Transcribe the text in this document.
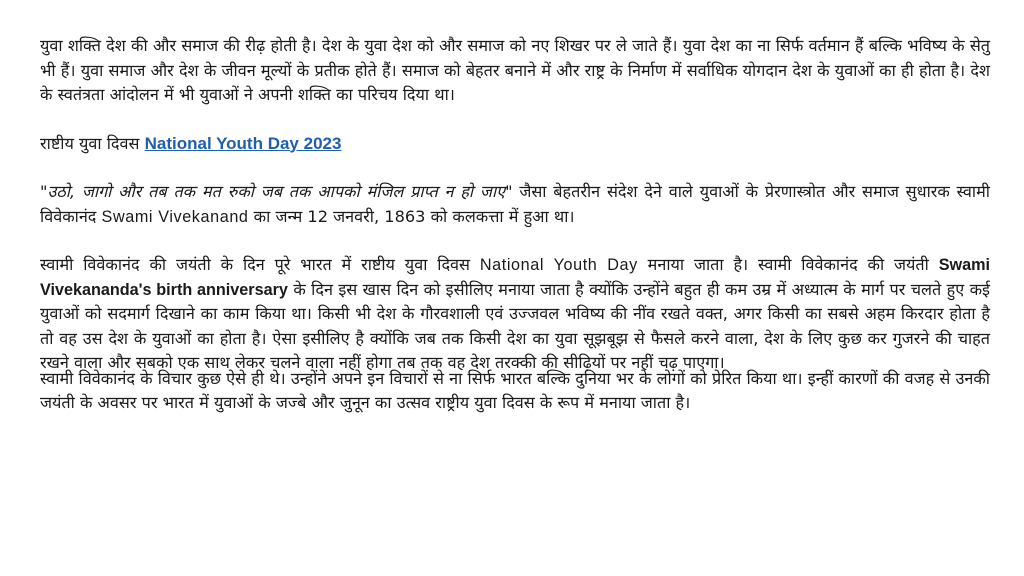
युवा शक्ति देश की और समाज की रीढ़ होती है। देश के युवा देश को और समाज को नए शिखर पर ले जाते हैं। युवा देश का ना सिर्फ वर्तमान हैं बल्कि भविष्य के सेतु भी हैं। युवा समाज और देश के जीवन मूल्यों के प्रतीक होते हैं। समाज को बेहतर बनाने में और राष्ट्र के निर्माण में सर्वाधिक योगदान देश के युवाओं का ही होता है। देश के स्वतंत्रता आंदोलन में भी युवाओं ने अपनी शक्ति का परिचय दिया था।

राष्टीय युवा दिवस National Youth Day 2023

"उठो, जागो और तब तक मत रुको जब तक आपको मंजिल प्राप्त न हो जाए" जैसा बेहतरीन संदेश देने वाले युवाओं के प्रेरणास्त्रोत और समाज सुधारक स्वामी विवेकानंद Swami Vivekanand का जन्म 12 जनवरी, 1863 को कलकत्ता में हुआ था।

स्वामी विवेकानंद की जयंती के दिन पूरे भारत में राष्टीय युवा दिवस National Youth Day मनाया जाता है। स्वामी विवेकानंद की जयंती Swami Vivekananda's birth anniversary के दिन इस खास दिन को इसीलिए मनाया जाता है क्योंकि उन्होंने बहुत ही कम उम्र में अध्यात्म के मार्ग पर चलते हुए कई युवाओं को सदमार्ग दिखाने का काम किया था। किसी भी देश के गौरवशाली एवं उज्जवल भविष्य की नींव रखते वक्त, अगर किसी का सबसे अहम किरदार होता है तो वह उस देश के युवाओं का होता है। ऐसा इसीलिए है क्योंकि जब तक किसी देश का युवा सूझबूझ से फैसले करने वाला, देश के लिए कुछ कर गुजरने की चाहत रखने वाला और सबको एक साथ लेकर चलने वाला नहीं होगा तब तक वह देश तरक्की की सीढ़ियों पर नहीं चढ़ पाएगा।

स्वामी विवेकानंद के विचार कुछ ऐसे ही थे। उन्होंने अपने इन विचारों से ना सिर्फ भारत बल्कि दुनिया भर के लोगों को प्रेरित किया था। इन्हीं कारणों की वजह से उनकी जयंती के अवसर पर भारत में युवाओं के जज्बे और जुनून का उत्सव राष्ट्रीय युवा दिवस के रूप में मनाया जाता है।
